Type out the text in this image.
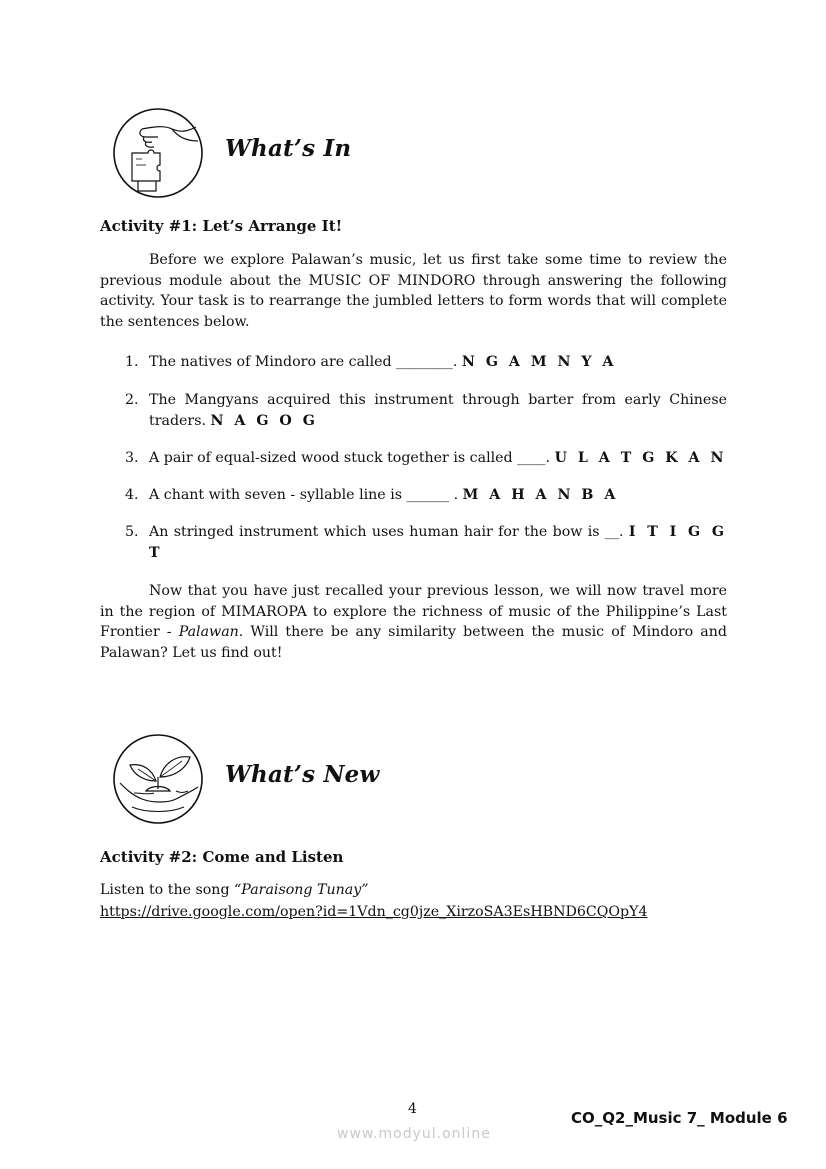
What’s In
Activity #1: Let’s Arrange It!
Before we explore Palawan’s music, let us first take some time to review the previous module about the MUSIC OF MINDORO through answering the following activity. Your task is to rearrange the jumbled letters to form words that will complete the sentences below.
1. The natives of Mindoro are called ________. N G A M N Y A
2. The Mangyans acquired this instrument through barter from early Chinese traders. N A G O G
3. A pair of equal-sized wood stuck together is called ____. U L A T G K A N
4. A chant with seven - syllable line is ______ . M A H A N B A
5. An stringed instrument which uses human hair for the bow is __. I T I G G T
Now that you have just recalled your previous lesson, we will now travel more in the region of MIMAROPA to explore the richness of music of the Philippine’s Last Frontier - Palawan. Will there be any similarity between the music of Mindoro and Palawan? Let us find out!
What’s New
Activity #2: Come and Listen
Listen to the song “Paraisong Tunay”
https://drive.google.com/open?id=1Vdn_cg0jze_XirzoSA3EsHBND6CQOpY4
4	CO_Q2_Music 7_ Module 6
www.modyul.online
